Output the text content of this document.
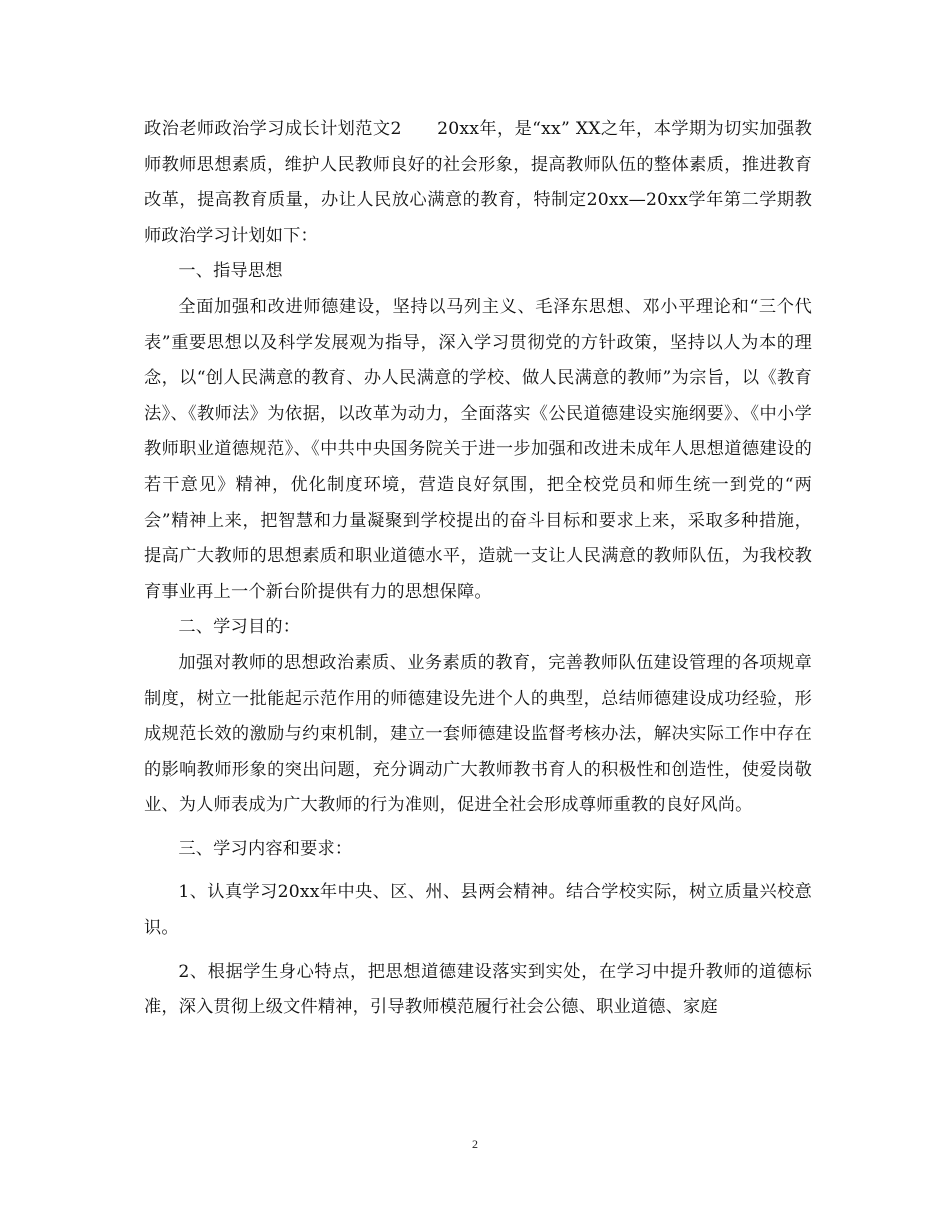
政治老师政治学习成长计划范文2　　20xx年，是“xx” XX之年，本学期为切实加强教师教师思想素质，维护人民教师良好的社会形象，提高教师队伍的整体素质，推进教育改革，提高教育质量，办让人民放心满意的教育，特制定20xx—20xx学年第二学期教师政治学习计划如下：

一、指导思想

全面加强和改进师德建设，坚持以马列主义、毛泽东思想、邓小平理论和“三个代表”重要思想以及科学发展观为指导，深入学习贯彻党的方针政策，坚持以人为本的理念，以“创人民满意的教育、办人民满意的学校、做人民满意的教师”为宗旨，以《教育法》、《教师法》为依据，以改革为动力，全面落实《公民道德建设实施纲要》、《中小学教师职业道德规范》、《中共中央国务院关于进一步加强和改进未成年人思想道德建设的若干意见》精神，优化制度环境，营造良好氛围，把全校党员和师生统一到党的“两会”精神上来，把智慧和力量凝聚到学校提出的奋斗目标和要求上来，采取多种措施，提高广大教师的思想素质和职业道德水平，造就一支让人民满意的教师队伍，为我校教育事业再上一个新台阶提供有力的思想保障。

二、学习目的：

加强对教师的思想政治素质、业务素质的教育，完善教师队伍建设管理的各项规章制度，树立一批能起示范作用的师德建设先进个人的典型，总结师德建设成功经验，形成规范长效的激励与约束机制，建立一套师德建设监督考核办法，解决实际工作中存在的影响教师形象的突出问题，充分调动广大教师教书育人的积极性和创造性，使爱岗敬业、为人师表成为广大教师的行为准则，促进全社会形成尊师重教的良好风尚。

三、学习内容和要求：

1、认真学习20xx年中央、区、州、县两会精神。结合学校实际，树立质量兴校意识。

2、根据学生身心特点，把思想道德建设落实到实处，在学习中提升教师的道德标准，深入贯彻上级文件精神，引导教师模范履行社会公德、职业道德、家庭

2
